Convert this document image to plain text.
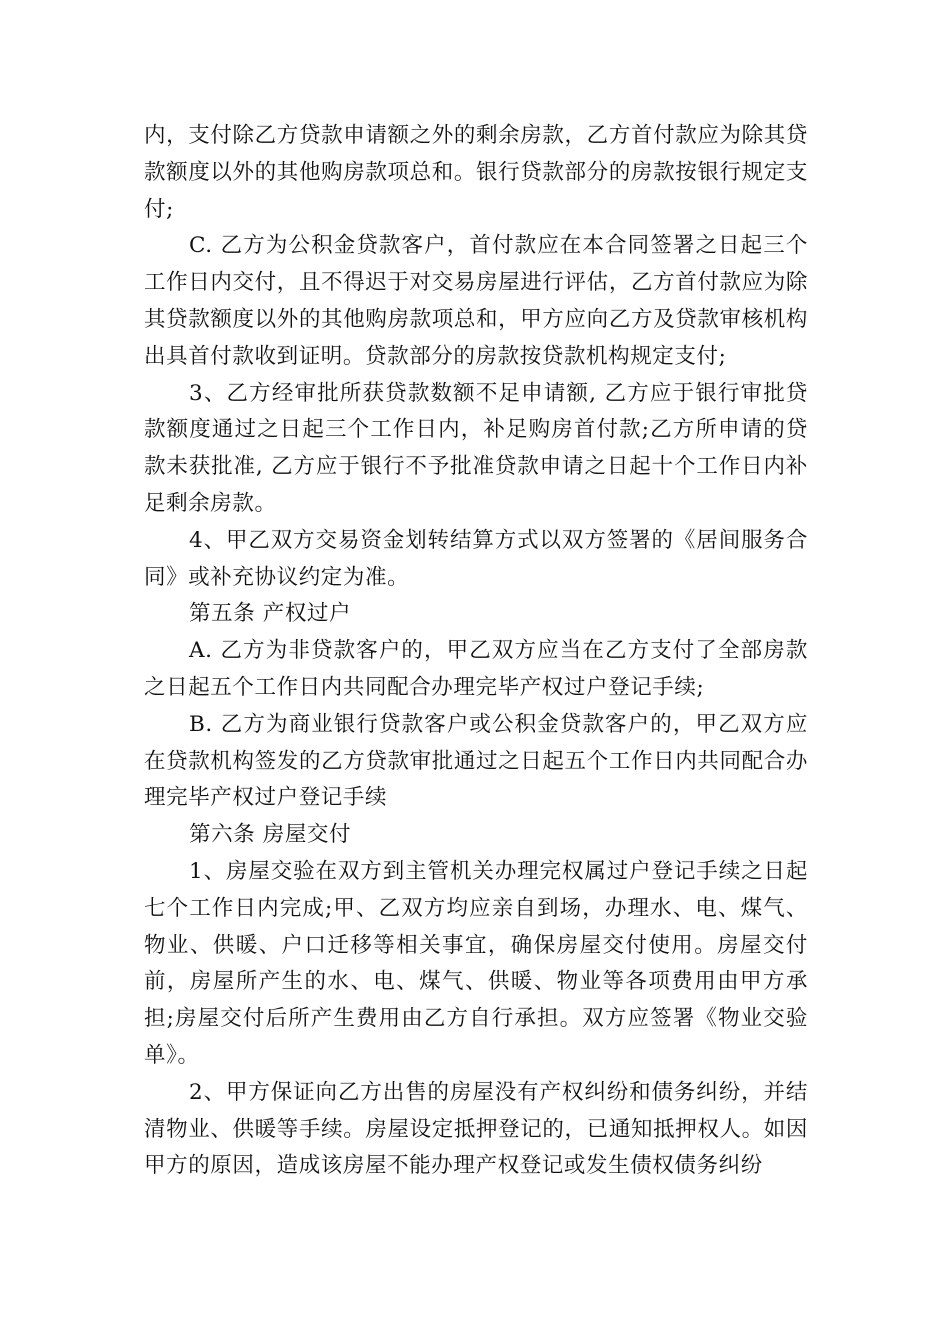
内，支付除乙方贷款申请额之外的剩余房款，乙方首付款应为除其贷款额度以外的其他购房款项总和。银行贷款部分的房款按银行规定支付;

C. 乙方为公积金贷款客户，首付款应在本合同签署之日起三个工作日内交付，且不得迟于对交易房屋进行评估，乙方首付款应为除其贷款额度以外的其他购房款项总和，甲方应向乙方及贷款审核机构出具首付款收到证明。贷款部分的房款按贷款机构规定支付;

3、乙方经审批所获贷款数额不足申请额, 乙方应于银行审批贷款额度通过之日起三个工作日内，补足购房首付款;乙方所申请的贷款未获批准, 乙方应于银行不予批准贷款申请之日起十个工作日内补足剩余房款。

4、甲乙双方交易资金划转结算方式以双方签署的《居间服务合同》或补充协议约定为准。

第五条 产权过户

A. 乙方为非贷款客户的，甲乙双方应当在乙方支付了全部房款之日起五个工作日内共同配合办理完毕产权过户登记手续;

B. 乙方为商业银行贷款客户或公积金贷款客户的，甲乙双方应在贷款机构签发的乙方贷款审批通过之日起五个工作日内共同配合办理完毕产权过户登记手续

第六条 房屋交付

1、房屋交验在双方到主管机关办理完权属过户登记手续之日起七个工作日内完成;甲、乙双方均应亲自到场，办理水、电、煤气、物业、供暖、户口迁移等相关事宜，确保房屋交付使用。房屋交付前，房屋所产生的水、电、煤气、供暖、物业等各项费用由甲方承担;房屋交付后所产生费用由乙方自行承担。双方应签署《物业交验单》。

2、甲方保证向乙方出售的房屋没有产权纠纷和债务纠纷，并结清物业、供暖等手续。房屋设定抵押登记的，已通知抵押权人。如因甲方的原因，造成该房屋不能办理产权登记或发生债权债务纠纷
